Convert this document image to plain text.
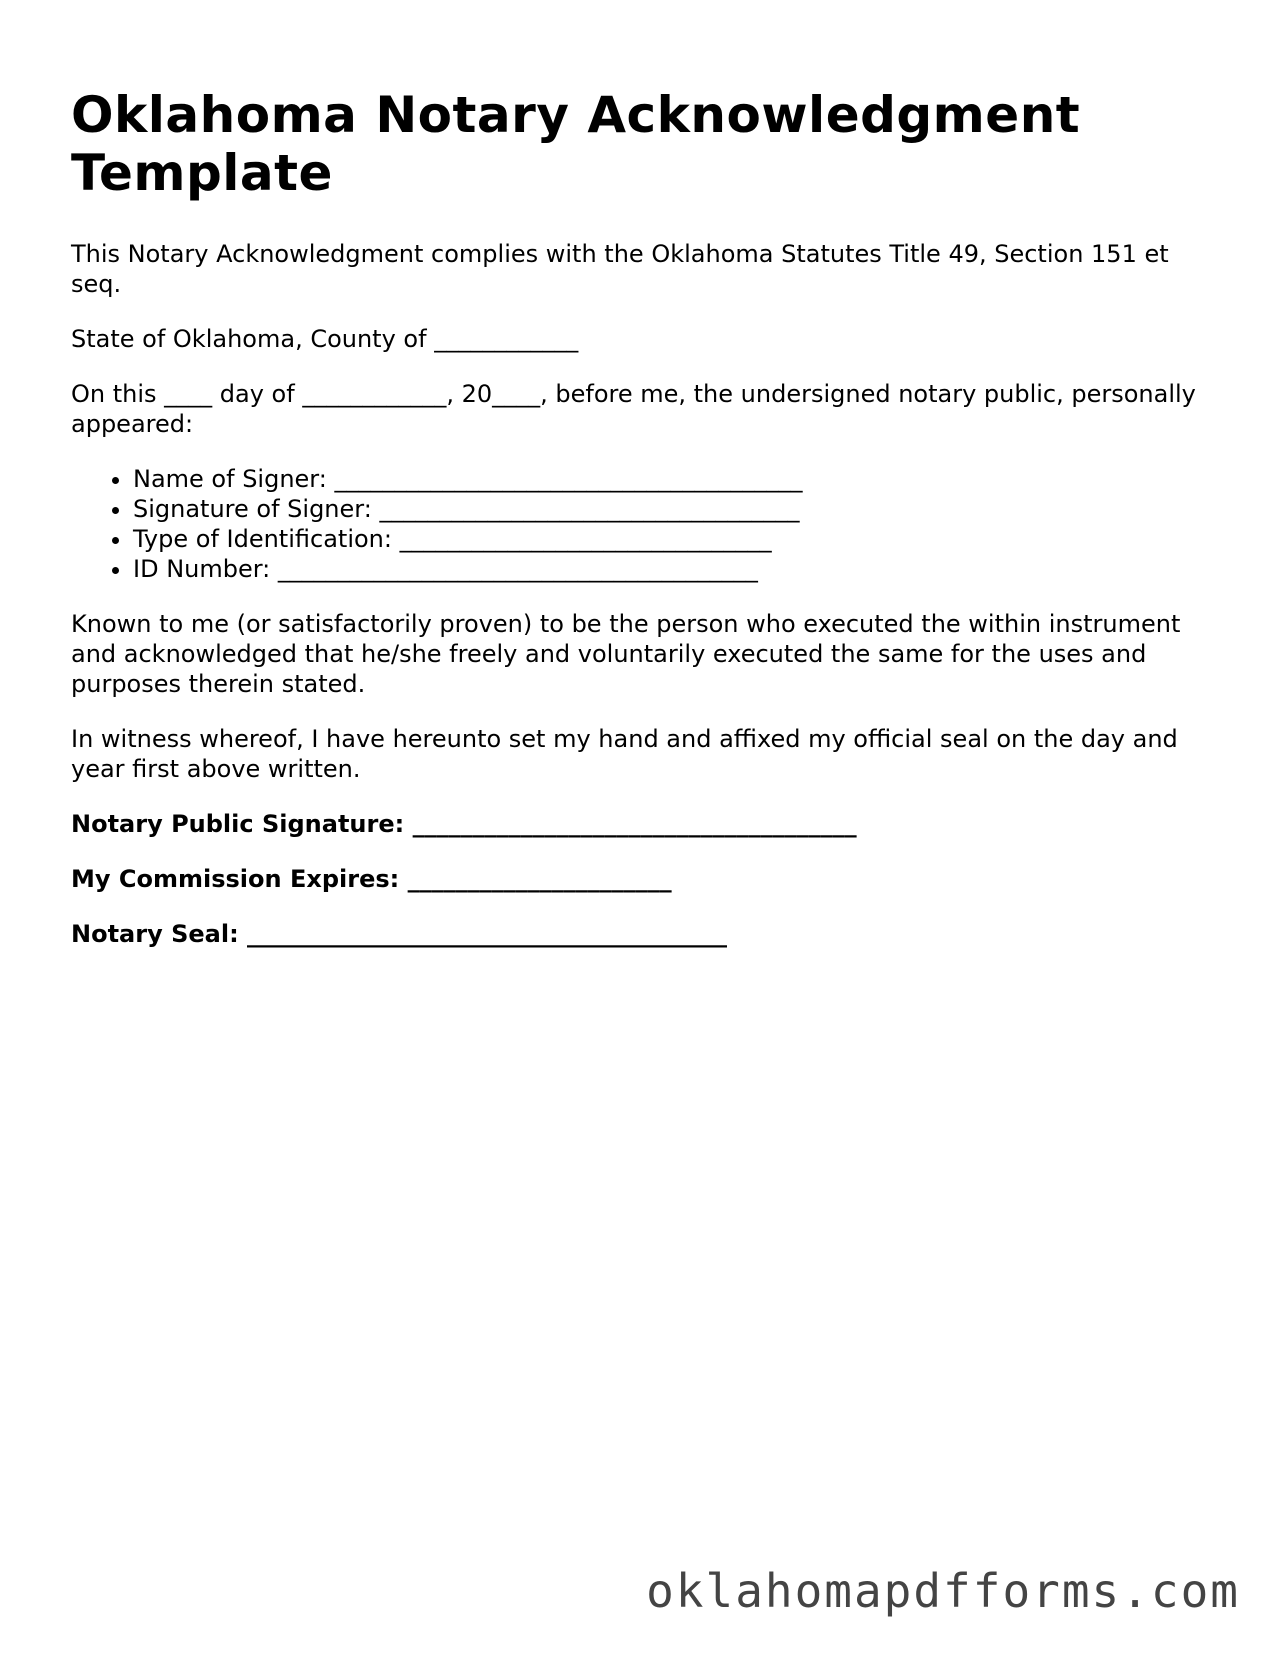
Oklahoma Notary Acknowledgment Template

This Notary Acknowledgment complies with the Oklahoma Statutes Title 49, Section 151 et seq.

State of Oklahoma, County of ____________

On this ____ day of ____________, 20____, before me, the undersigned notary public, personally appeared:

• Name of Signer: _______________________________________
• Signature of Signer: ___________________________________
• Type of Identification: _______________________________
• ID Number: ________________________________________

Known to me (or satisfactorily proven) to be the person who executed the within instrument and acknowledged that he/she freely and voluntarily executed the same for the uses and purposes therein stated.

In witness whereof, I have hereunto set my hand and affixed my official seal on the day and year first above written.

Notary Public Signature: _____________________________________

My Commission Expires: ______________________

Notary Seal: ________________________________________

oklahomapdfforms.com
